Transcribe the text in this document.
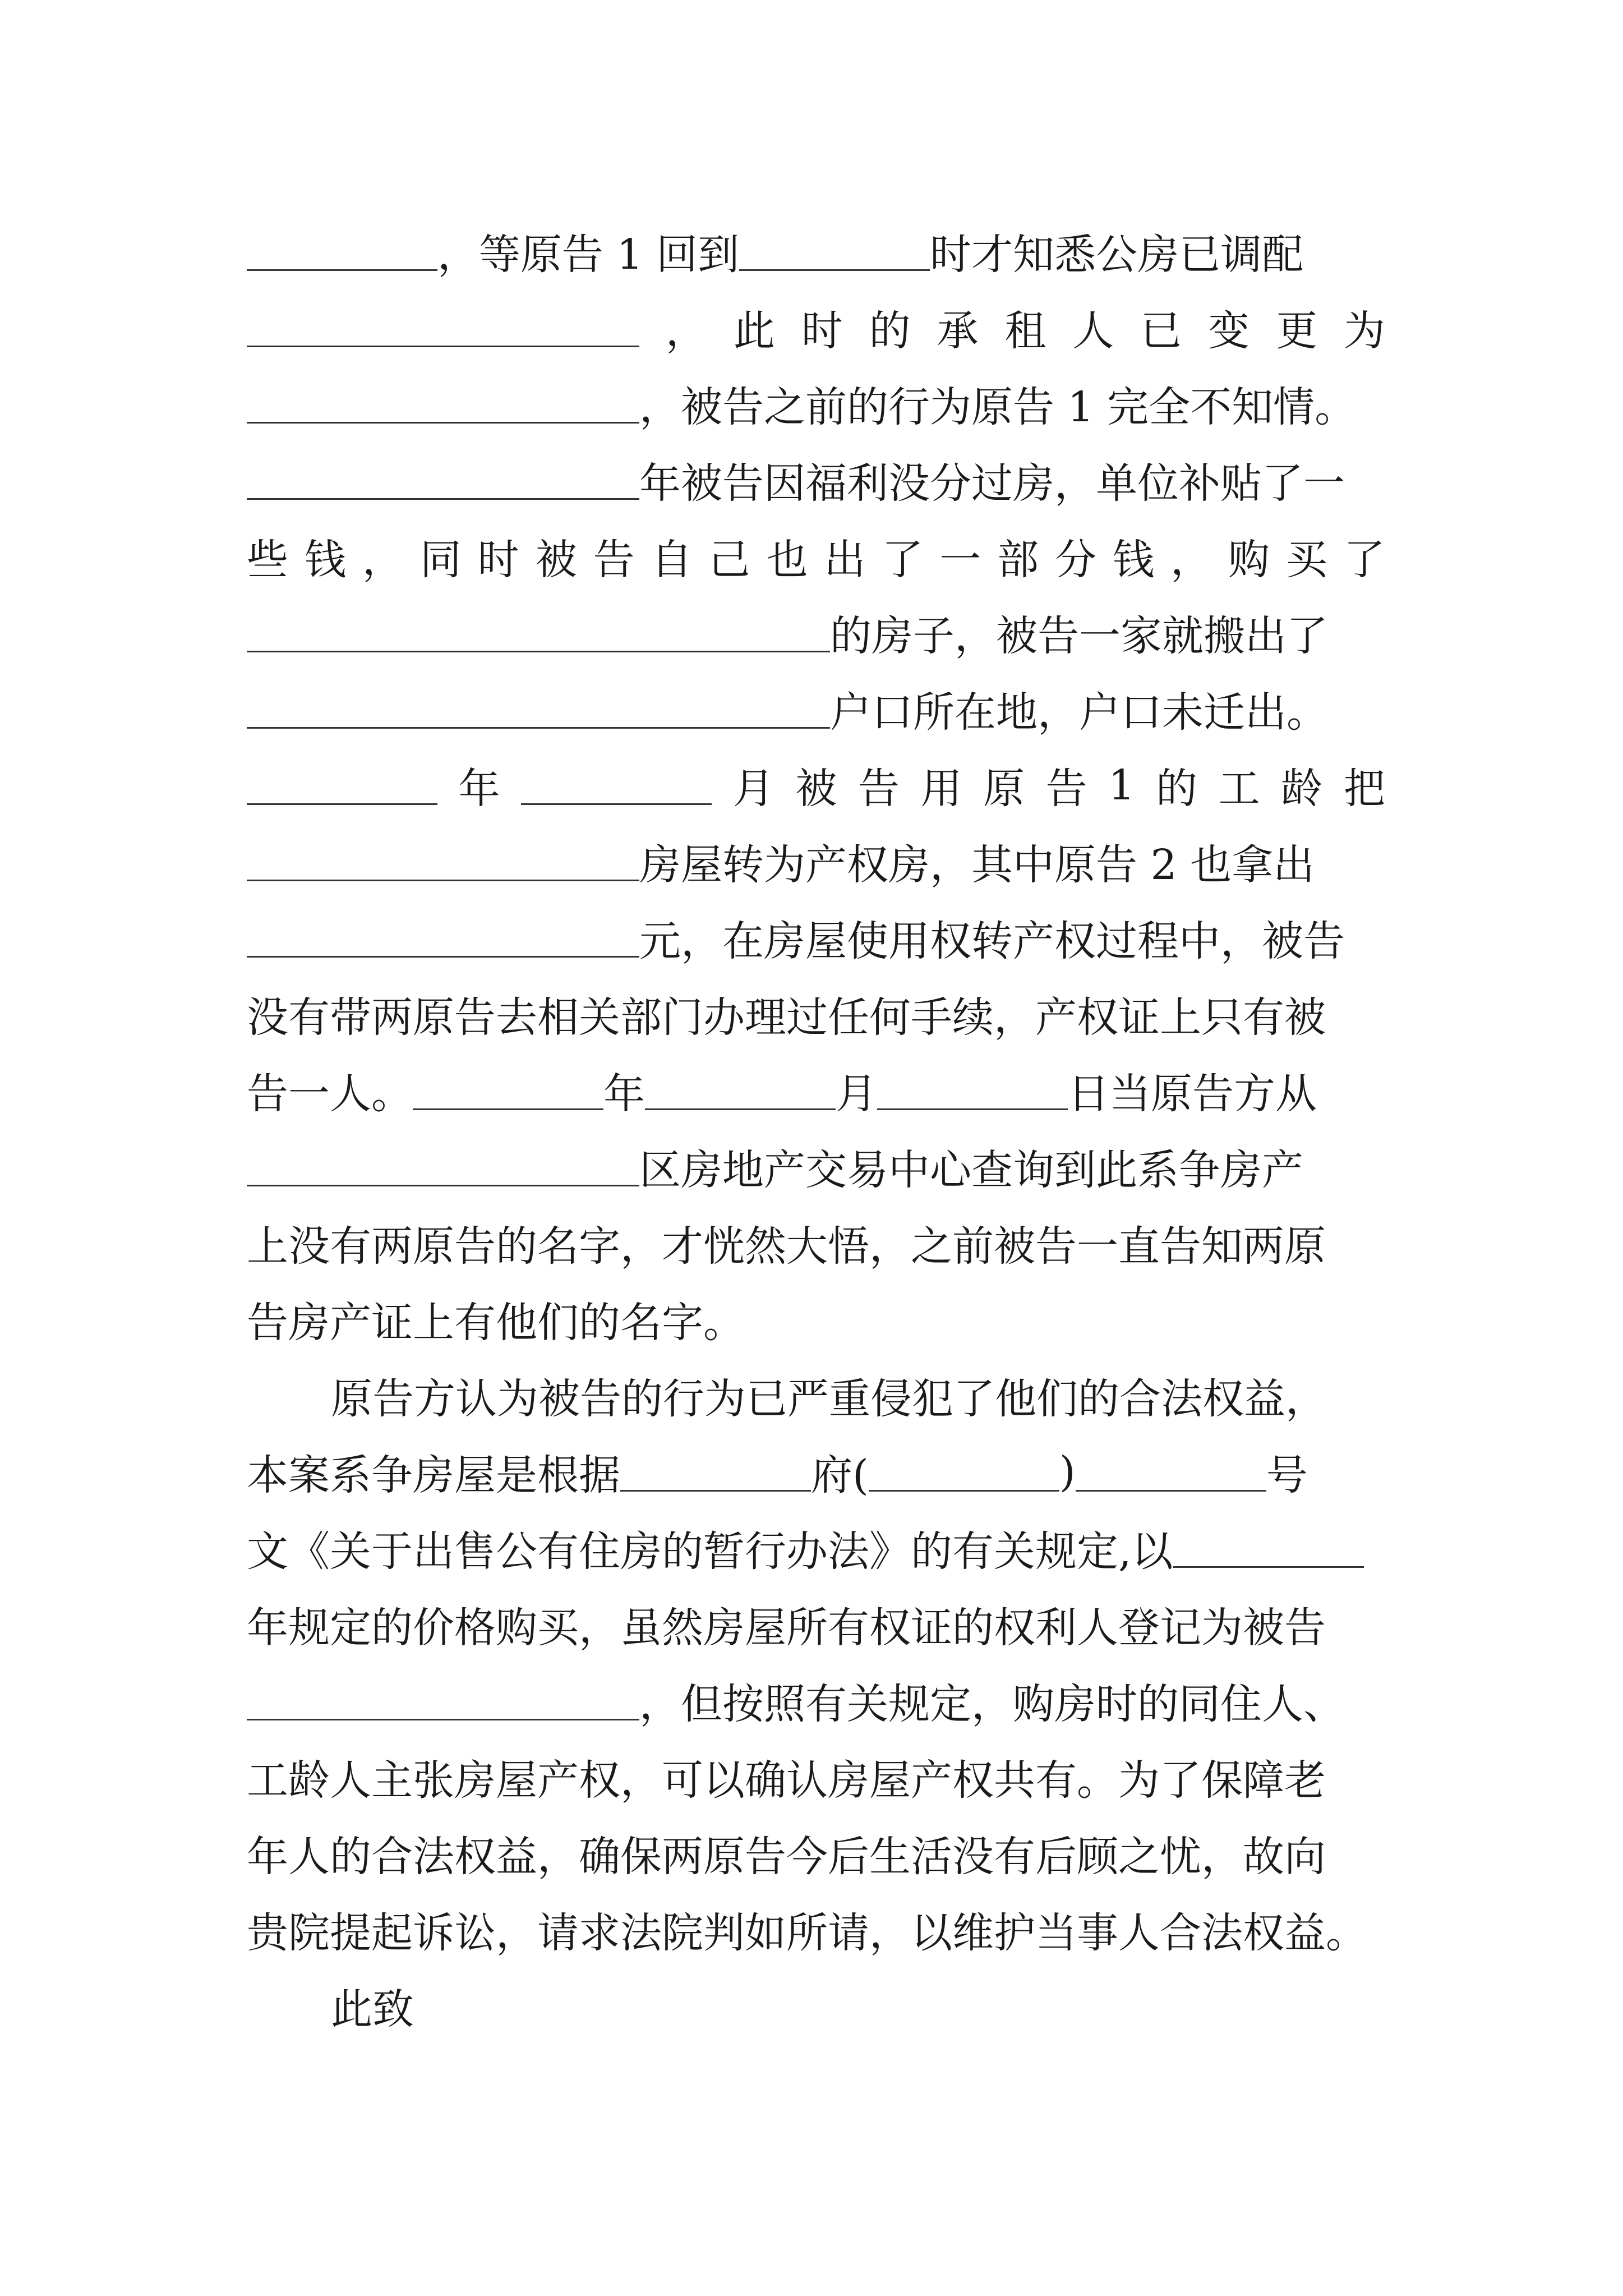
，等原告 1 回到	时才知悉公房已调配
， 此 时 的 承 租 人 已 变 更 为
，被告之前的行为原告 1 完全不知情。
年被告因福利没分过房，单位补贴了一
些 钱 ， 同 时 被 告 自 己 也 出 了 一 部 分 钱 ， 购 买 了
的房子，被告一家就搬出了
户口所在地，户口未迁出。
年	月 被 告 用 原 告 1 的 工 龄 把
房屋转为产权房，其中原告 2 也拿出
元，在房屋使用权转产权过程中，被告
没有带两原告去相关部门办理过任何手续，产权证上只有被
告一人。	年	月	日当原告方从
区房地产交易中心查询到此系争房产
上没有两原告的名字，才恍然大悟，之前被告一直告知两原
告房产证上有他们的名字。
原告方认为被告的行为已严重侵犯了他们的合法权益，
本案系争房屋是根据	府(	)	号
文《关于出售公有住房的暂行办法》的有关规定,以
年规定的价格购买，虽然房屋所有权证的权利人登记为被告
，但按照有关规定，购房时的同住人、
工龄人主张房屋产权，可以确认房屋产权共有。为了保障老
年人的合法权益，确保两原告今后生活没有后顾之忧，故向
贵院提起诉讼，请求法院判如所请，以维护当事人合法权益。
此致
